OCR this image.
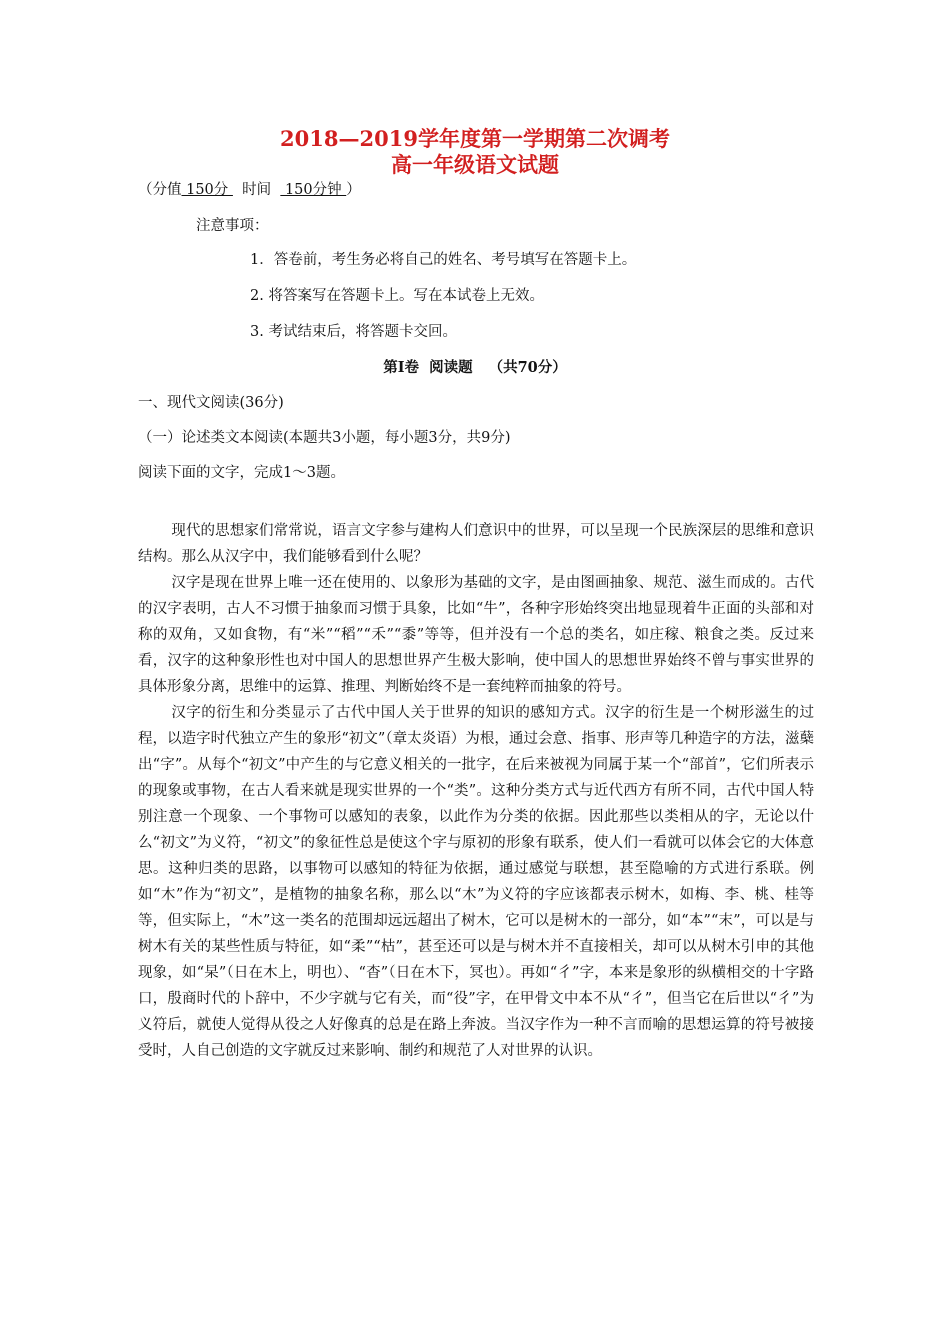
2018—2019学年度第一学期第二次调考
高一年级语文试题
（分值 150分   时间   150分钟 ）
注意事项：
1．答卷前，考生务必将自己的姓名、考号填写在答题卡上。
2. 将答案写在答题卡上。写在本试卷上无效。
3. 考试结束后，将答题卡交回。
第Ⅰ卷  阅读题 （共70分）
一、现代文阅读(36分)
（一）论述类文本阅读(本题共3小题，每小题3分，共9分)
阅读下面的文字，完成1～3题。

现代的思想家们常常说，语言文字参与建构人们意识中的世界，可以呈现一个民族深层的思维和意识结构。那么从汉字中，我们能够看到什么呢？

汉字是现在世界上唯一还在使用的、以象形为基础的文字，是由图画抽象、规范、滋生而成的。古代的汉字表明，古人不习惯于抽象而习惯于具象，比如“牛”，各种字形始终突出地显现着牛正面的头部和对称的双角，又如食物，有“米”“稻”“禾”“黍”等等，但并没有一个总的类名，如庄稼、粮食之类。反过来看，汉字的这种象形性也对中国人的思想世界产生极大影响，使中国人的思想世界始终不曾与事实世界的具体形象分离，思维中的运算、推理、判断始终不是一套纯粹而抽象的符号。

汉字的衍生和分类显示了古代中国人关于世界的知识的感知方式。汉字的衍生是一个树形滋生的过程，以造字时代独立产生的象形“初文”（章太炎语）为根，通过会意、指事、形声等几种造字的方法，滋蘖出“字”。从每个“初文”中产生的与它意义相关的一批字，在后来被视为同属于某一个“部首”，它们所表示的现象或事物，在古人看来就是现实世界的一个“类”。这种分类方式与近代西方有所不同，古代中国人特别注意一个现象、一个事物可以感知的表象，以此作为分类的依据。因此那些以类相从的字，无论以什么“初文”为义符，“初文”的象征性总是使这个字与原初的形象有联系，使人们一看就可以体会它的大体意思。这种归类的思路，以事物可以感知的特征为依据，通过感觉与联想，甚至隐喻的方式进行系联。例如“木”作为“初文”，是植物的抽象名称，那么以“木”为义符的字应该都表示树木，如梅、李、桃、桂等等，但实际上，“木”这一类名的范围却远远超出了树木，它可以是树木的一部分，如“本”“末”，可以是与树木有关的某些性质与特征，如“柔”“枯”，甚至还可以是与树木并不直接相关，却可以从树木引申的其他现象，如“杲”（日在木上，明也）、“杳”（日在木下，冥也）。再如“彳”字，本来是象形的纵横相交的十字路口，殷商时代的卜辞中，不少字就与它有关，而“役”字，在甲骨文中本不从“彳”，但当它在后世以“彳”为义符后，就使人觉得从役之人好像真的总是在路上奔波。当汉字作为一种不言而喻的思想运算的符号被接受时，人自己创造的文字就反过来影响、制约和规范了人对世界的认识。
